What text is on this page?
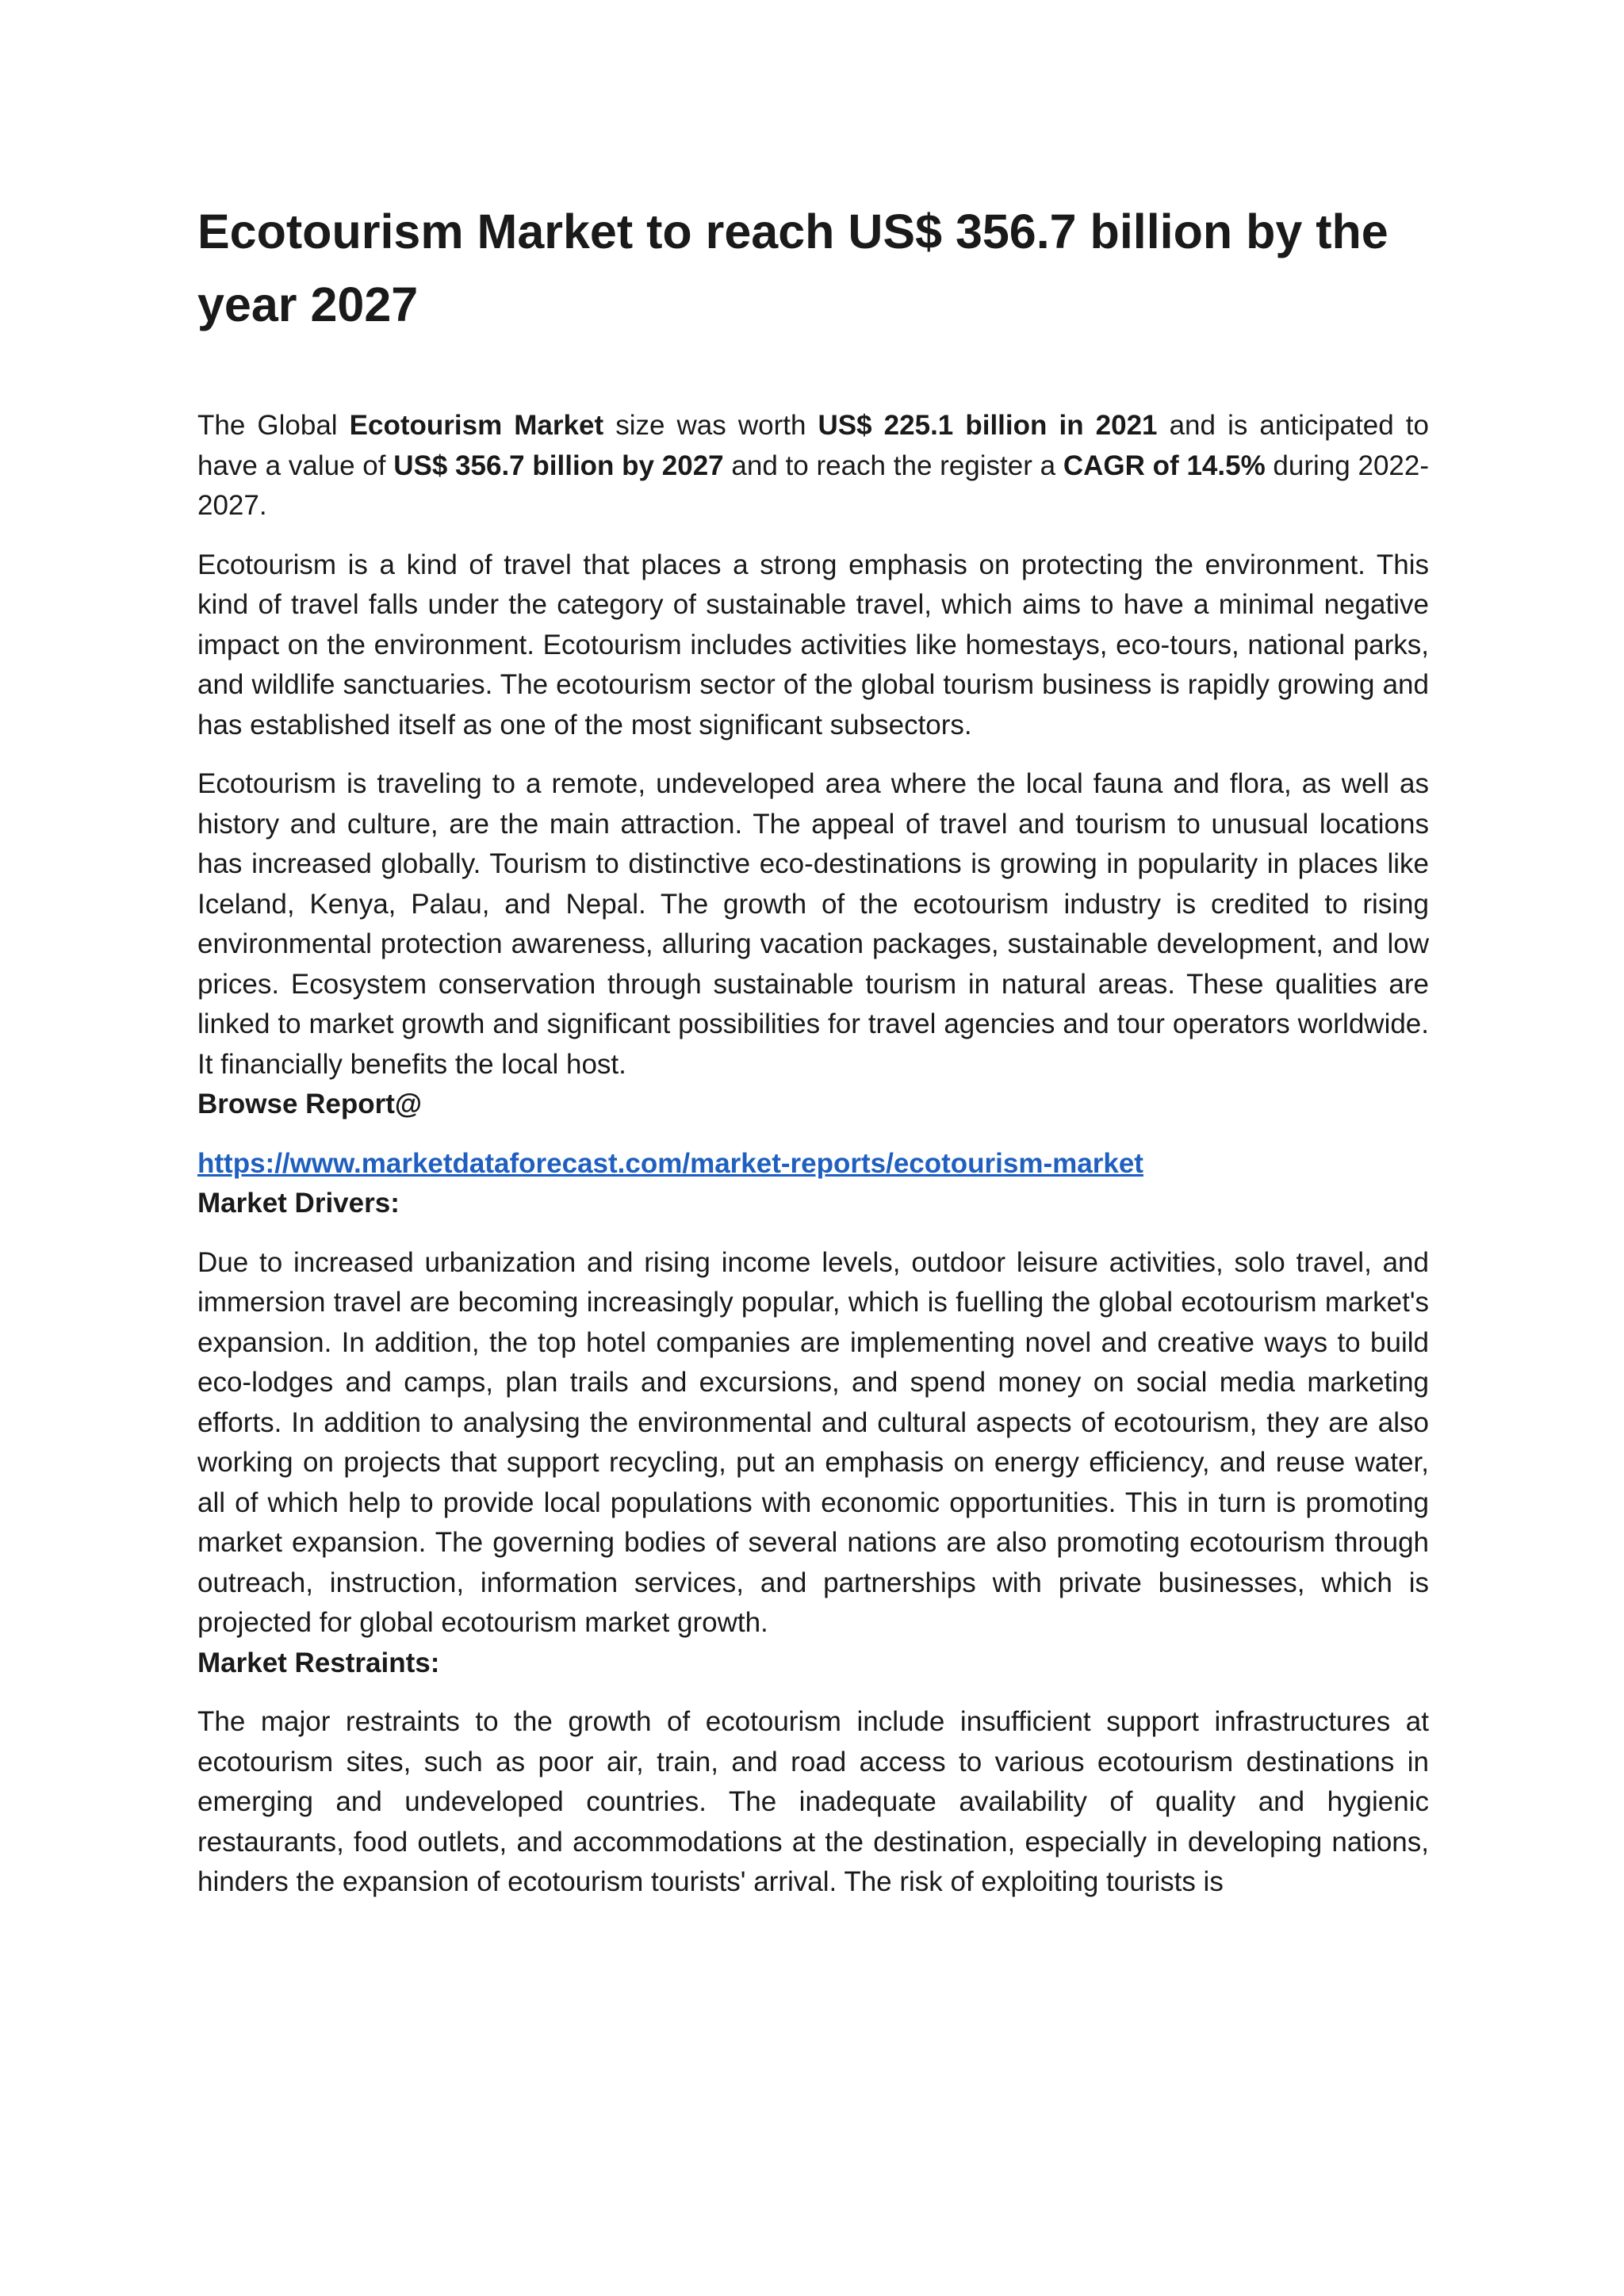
Ecotourism Market to reach US$ 356.7 billion by the year 2027

The Global Ecotourism Market size was worth US$ 225.1 billion in 2021 and is anticipated to have a value of US$ 356.7 billion by 2027 and to reach the register a CAGR of 14.5% during 2022-2027.

Ecotourism is a kind of travel that places a strong emphasis on protecting the environment. This kind of travel falls under the category of sustainable travel, which aims to have a minimal negative impact on the environment. Ecotourism includes activities like homestays, eco-tours, national parks, and wildlife sanctuaries. The ecotourism sector of the global tourism business is rapidly growing and has established itself as one of the most significant subsectors.

Ecotourism is traveling to a remote, undeveloped area where the local fauna and flora, as well as history and culture, are the main attraction. The appeal of travel and tourism to unusual locations has increased globally. Tourism to distinctive eco-destinations is growing in popularity in places like Iceland, Kenya, Palau, and Nepal. The growth of the ecotourism industry is credited to rising environmental protection awareness, alluring vacation packages, sustainable development, and low prices. Ecosystem conservation through sustainable tourism in natural areas. These qualities are linked to market growth and significant possibilities for travel agencies and tour operators worldwide. It financially benefits the local host.

Browse Report@

https://www.marketdataforecast.com/market-reports/ecotourism-market

Market Drivers:

Due to increased urbanization and rising income levels, outdoor leisure activities, solo travel, and immersion travel are becoming increasingly popular, which is fuelling the global ecotourism market's expansion. In addition, the top hotel companies are implementing novel and creative ways to build eco-lodges and camps, plan trails and excursions, and spend money on social media marketing efforts. In addition to analysing the environmental and cultural aspects of ecotourism, they are also working on projects that support recycling, put an emphasis on energy efficiency, and reuse water, all of which help to provide local populations with economic opportunities. This in turn is promoting market expansion. The governing bodies of several nations are also promoting ecotourism through outreach, instruction, information services, and partnerships with private businesses, which is projected for global ecotourism market growth.

Market Restraints:

The major restraints to the growth of ecotourism include insufficient support infrastructures at ecotourism sites, such as poor air, train, and road access to various ecotourism destinations in emerging and undeveloped countries. The inadequate availability of quality and hygienic restaurants, food outlets, and accommodations at the destination, especially in developing nations, hinders the expansion of ecotourism tourists' arrival. The risk of exploiting tourists is
